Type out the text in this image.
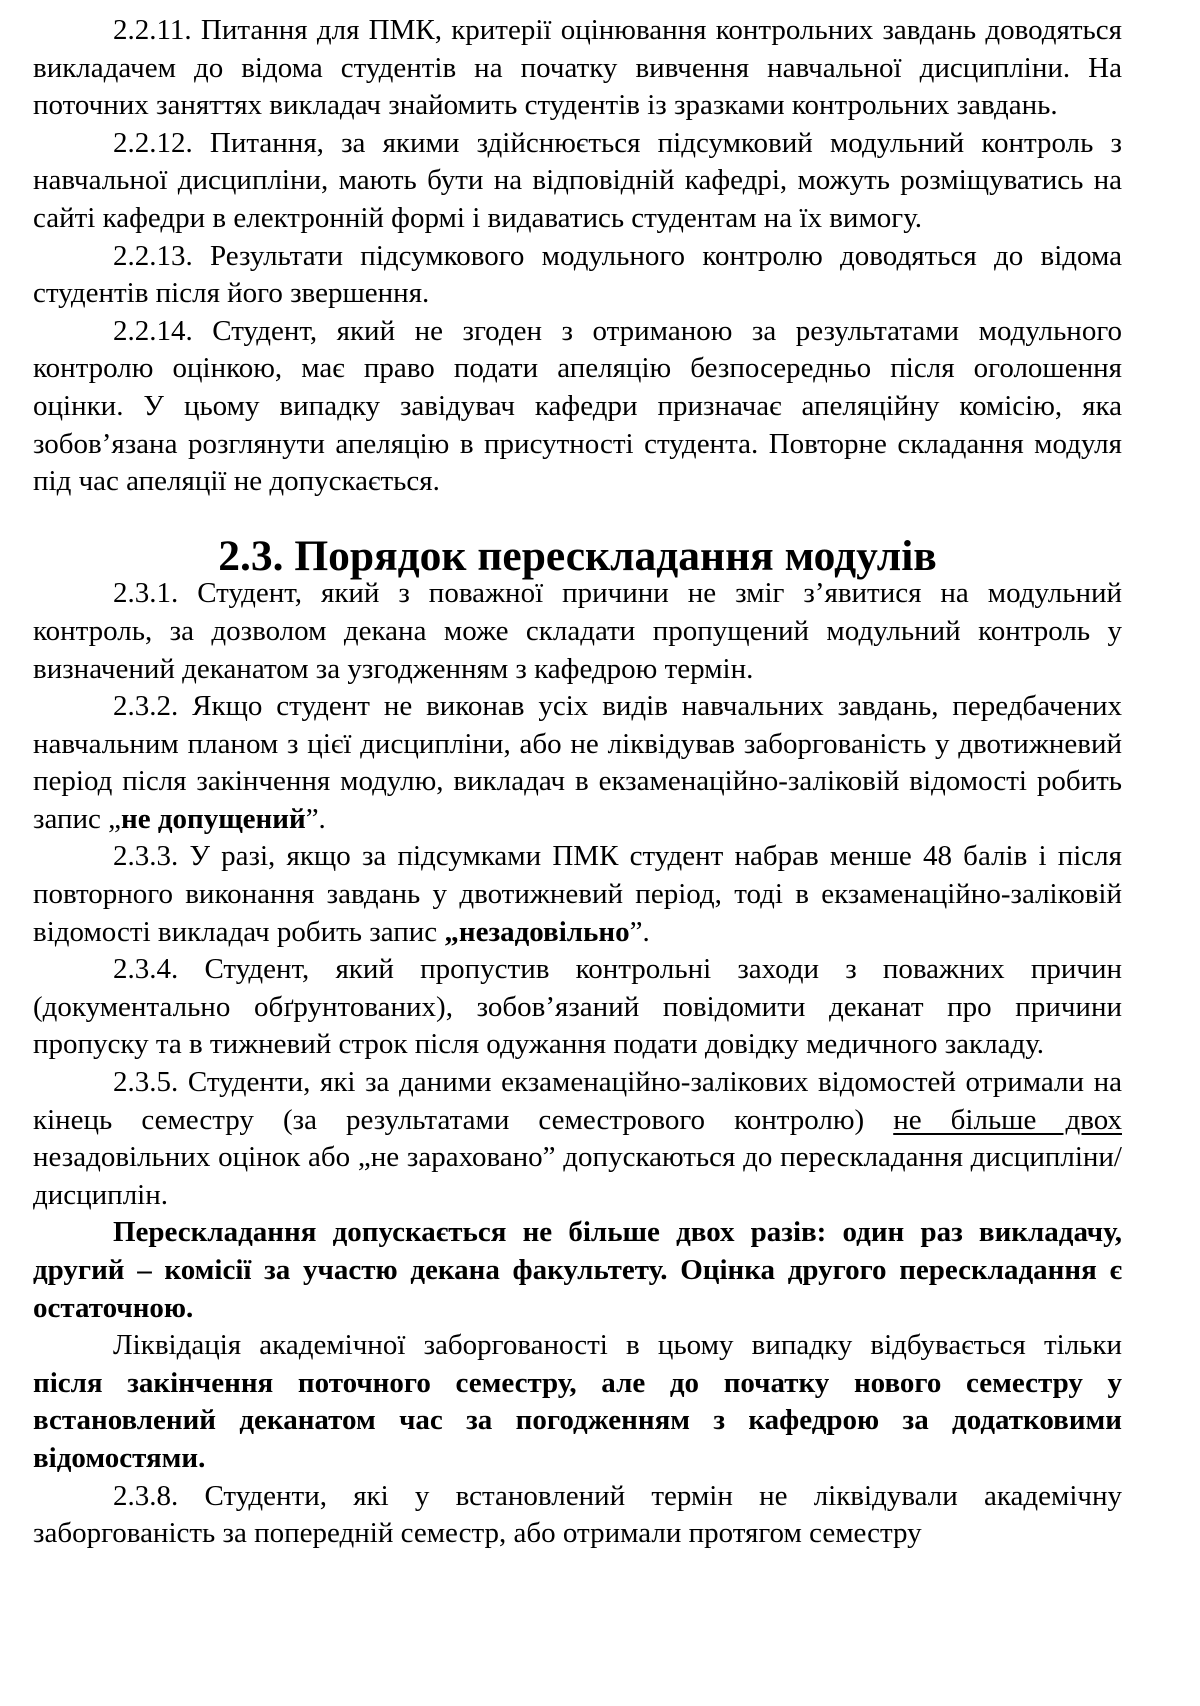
2.2.11. Питання для ПМК, критерії оцінювання контрольних завдань доводяться викладачем до відома студентів на початку вивчення навчальної дисципліни. На поточних заняттях викладач знайомить студентів із зразками контрольних завдань.

2.2.12. Питання, за якими здійснюється підсумковий модульний контроль з навчальної дисципліни, мають бути на відповідній кафедрі, можуть розміщуватись на сайті кафедри в електронній формі і видаватись студентам на їх вимогу.

2.2.13. Результати підсумкового модульного контролю доводяться до відома студентів після його звершення.

2.2.14. Студент, який не згоден з отриманою за результатами модульного контролю оцінкою, має право подати апеляцію безпосередньо після оголошення оцінки. У цьому випадку завідувач кафедри призначає апеляційну комісію, яка зобов’язана розглянути апеляцію в присутності студента. Повторне складання модуля під час апеляції не допускається.

2.3. Порядок перескладання модулів

2.3.1. Студент, який з поважної причини не зміг з’явитися на модульний контроль, за дозволом декана може складати пропущений модульний контроль у визначений деканатом за узгодженням з кафедрою термін.

2.3.2. Якщо студент не виконав усіх видів навчальних завдань, передбачених навчальним планом з цієї дисципліни, або не ліквідував заборгованість у двотижневий період після закінчення модулю, викладач в екзаменаційно-заліковій відомості робить запис „не допущений”.

2.3.3. У разі, якщо за підсумками ПМК студент набрав менше 48 балів і після повторного виконання завдань у двотижневий період, тоді в екзаменаційно-заліковій відомості викладач робить запис „незадовільно”.

2.3.4. Студент, який пропустив контрольні заходи з поважних причин (документально обґрунтованих), зобов’язаний повідомити деканат про причини пропуску та в тижневий строк після одужання подати довідку медичного закладу.

2.3.5. Студенти, які за даними екзаменаційно-залікових відомостей отримали на кінець семестру (за результатами семестрового контролю) не більше двох незадовільних оцінок або „не зараховано” допускаються до перескладання дисципліни/дисциплін.

Перескладання допускається не більше двох разів: один раз викладачу, другий – комісії за участю декана факультету. Оцінка другого перескладання є остаточною.

Ліквідація академічної заборгованості в цьому випадку відбувається тільки після закінчення поточного семестру, але до початку нового семестру у встановлений деканатом час за погодженням з кафедрою за додатковими відомостями.

2.3.8. Студенти, які у встановлений термін не ліквідували академічну заборгованість за попередній семестр, або отримали протягом семестру
